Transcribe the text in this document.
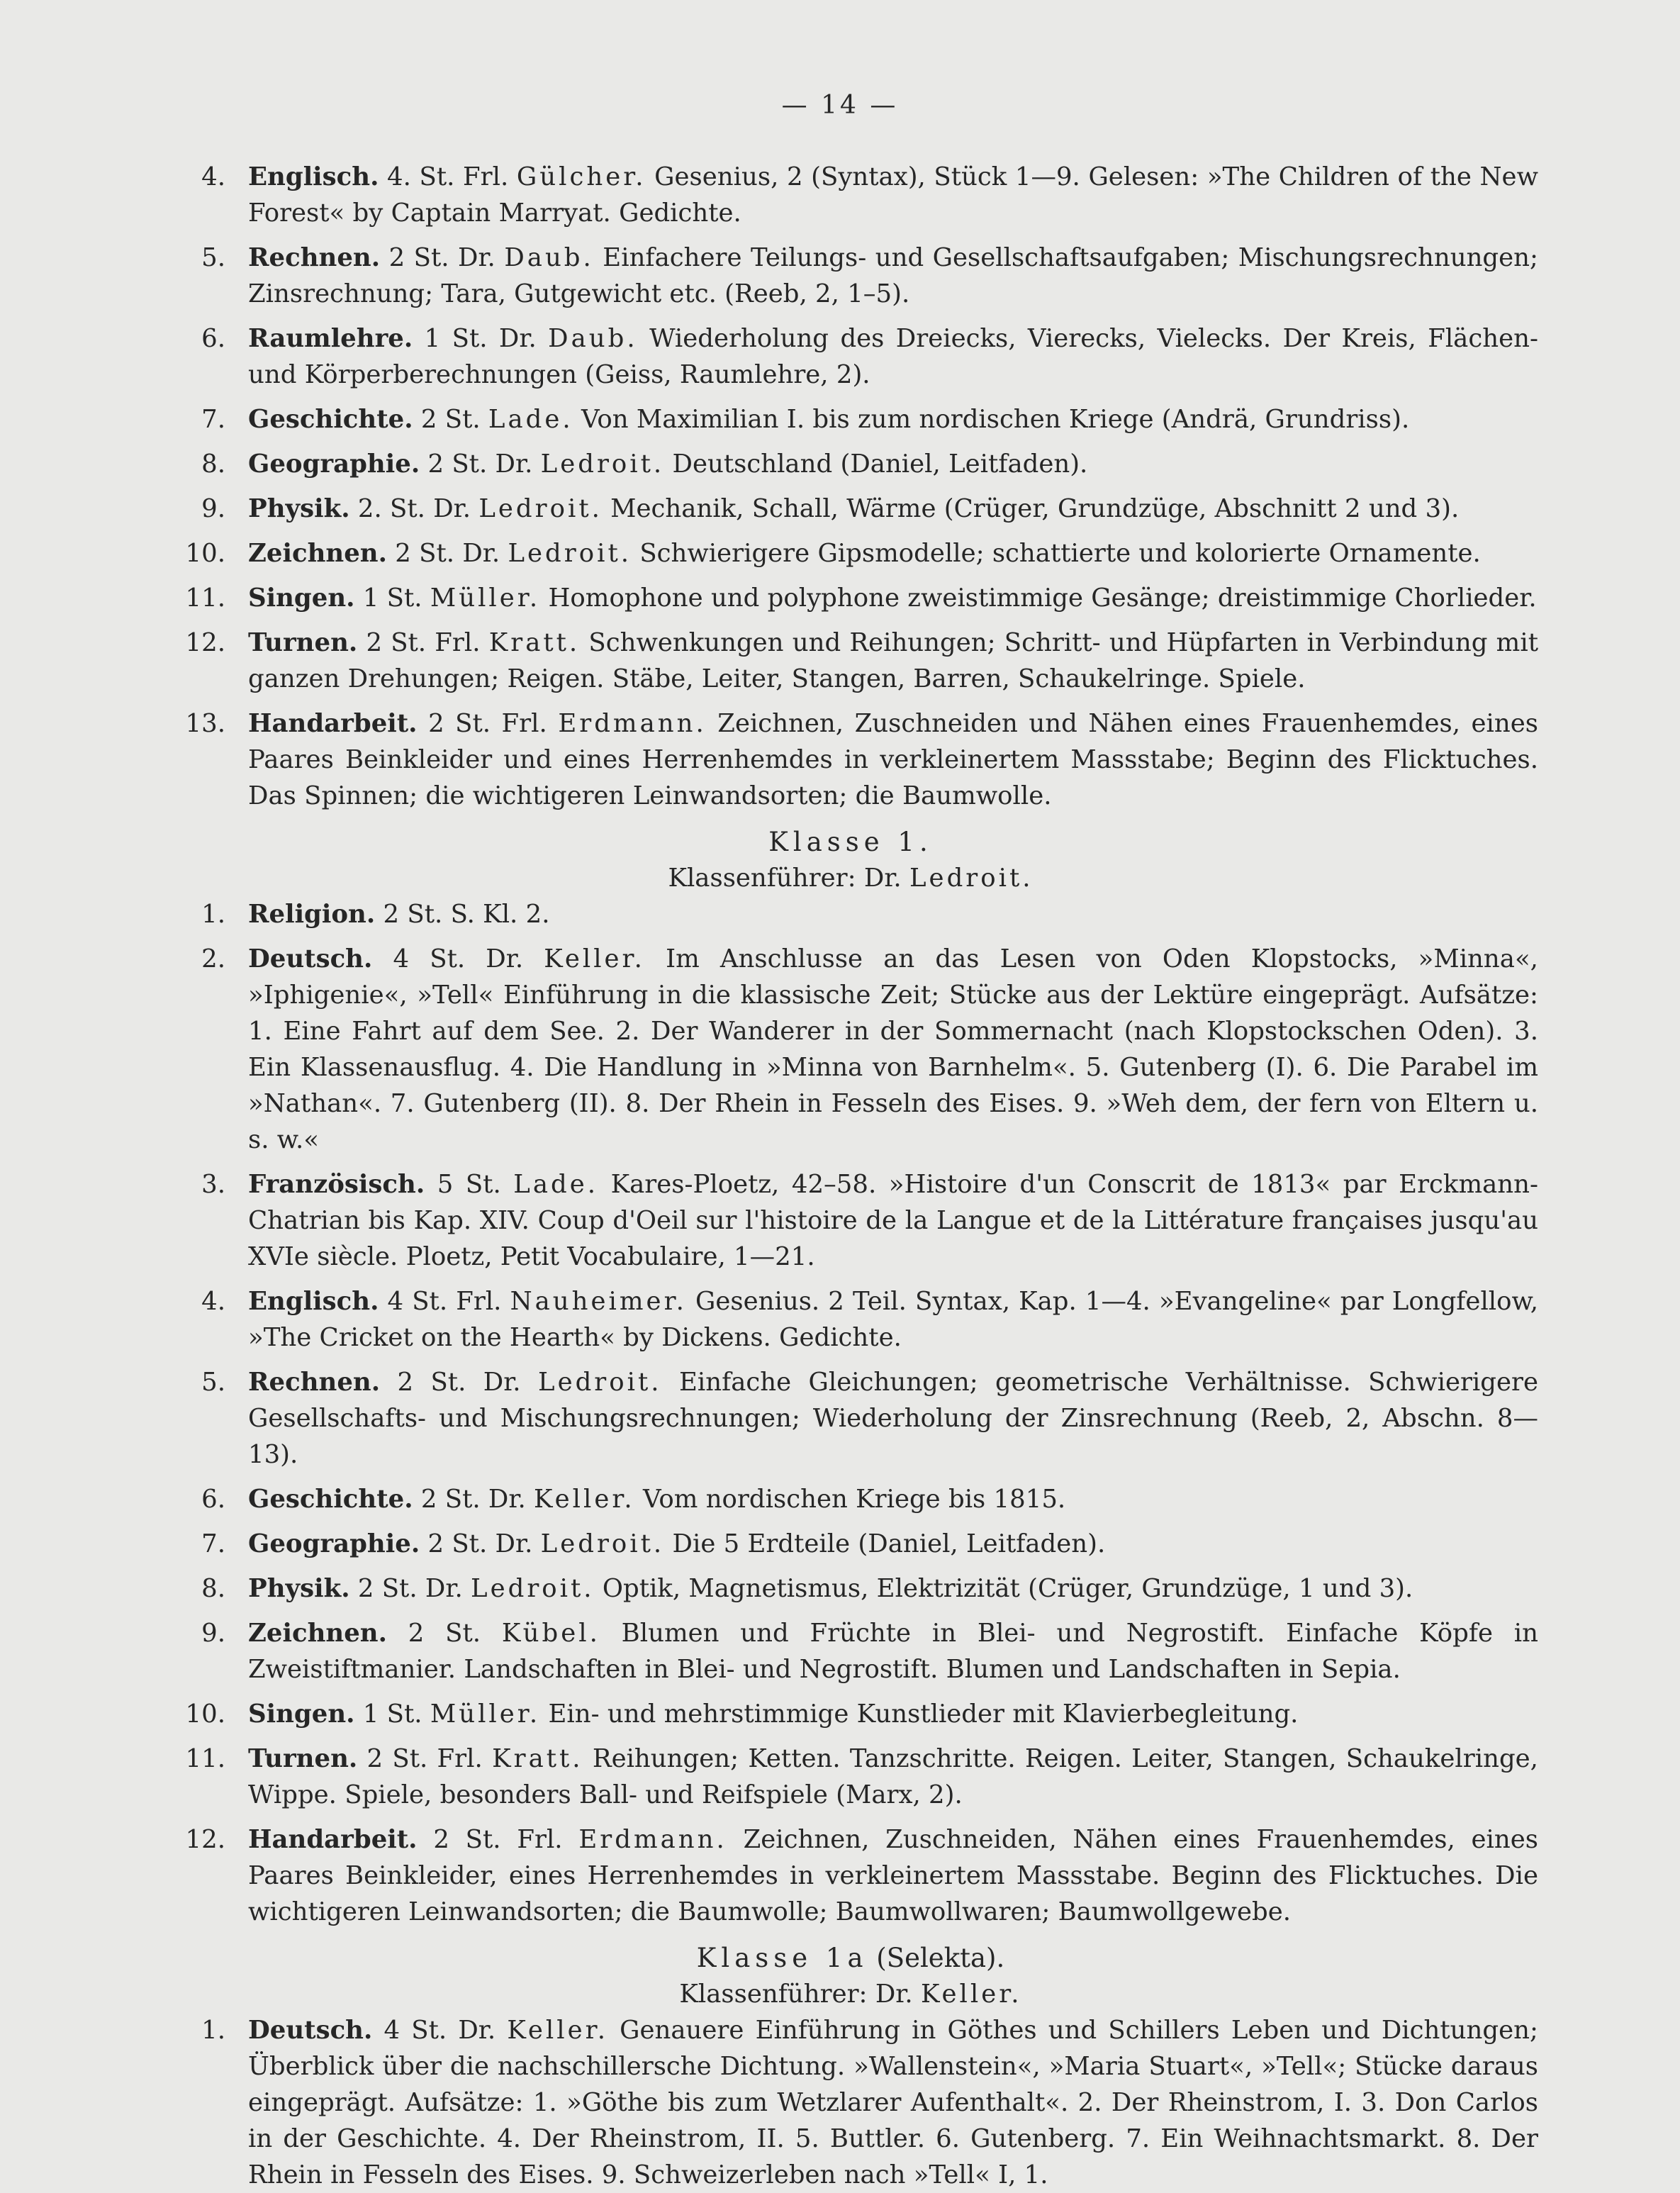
— 14 —

4. Englisch. 4. St. Frl. Gülcher. Gesenius, 2 (Syntax), Stück 1—9. Gelesen: »The Children of the New Forest« by Captain Marryat. Gedichte.

5. Rechnen. 2 St. Dr. Daub. Einfachere Teilungs- und Gesellschaftsaufgaben; Mischungsrechnungen; Zinsrechnung; Tara, Gutgewicht etc. (Reeb, 2, 1–5).

6. Raumlehre. 1 St. Dr. Daub. Wiederholung des Dreiecks, Vierecks, Vielecks. Der Kreis, Flächen- und Körperberechnungen (Geiss, Raumlehre, 2).

7. Geschichte. 2 St. Lade. Von Maximilian I. bis zum nordischen Kriege (Andrä, Grundriss).

8. Geographie. 2 St. Dr. Ledroit. Deutschland (Daniel, Leitfaden).

9. Physik. 2. St. Dr. Ledroit. Mechanik, Schall, Wärme (Crüger, Grundzüge, Abschnitt 2 und 3).

10. Zeichnen. 2 St. Dr. Ledroit. Schwierigere Gipsmodelle; schattierte und kolorierte Ornamente.

11. Singen. 1 St. Müller. Homophone und polyphone zweistimmige Gesänge; dreistimmige Chorlieder.

12. Turnen. 2 St. Frl. Kratt. Schwenkungen und Reihungen; Schritt- und Hüpfarten in Verbindung mit ganzen Drehungen; Reigen. Stäbe, Leiter, Stangen, Barren, Schaukelringe. Spiele.

13. Handarbeit. 2 St. Frl. Erdmann. Zeichnen, Zuschneiden und Nähen eines Frauenhemdes, eines Paares Beinkleider und eines Herrenhemdes in verkleinertem Massstabe; Beginn des Flicktuches. Das Spinnen; die wichtigeren Leinwandsorten; die Baumwolle.

Klasse 1.

Klassenführer: Dr. Ledroit.

1. Religion. 2 St. S. Kl. 2.

2. Deutsch. 4 St. Dr. Keller. Im Anschlusse an das Lesen von Oden Klopstocks, »Minna«, »Iphigenie«, »Tell« Einführung in die klassische Zeit; Stücke aus der Lektüre eingeprägt. Aufsätze: 1. Eine Fahrt auf dem See. 2. Der Wanderer in der Sommernacht (nach Klopstockschen Oden). 3. Ein Klassenausflug. 4. Die Handlung in »Minna von Barnhelm«. 5. Gutenberg (I). 6. Die Parabel im »Nathan«. 7. Gutenberg (II). 8. Der Rhein in Fesseln des Eises. 9. »Weh dem, der fern von Eltern u. s. w.«

3. Französisch. 5 St. Lade. Kares-Ploetz, 42–58. »Histoire d'un Conscrit de 1813« par Erckmann-Chatrian bis Kap. XIV. Coup d'Oeil sur l'histoire de la Langue et de la Littérature françaises jusqu'au XVIe siècle. Ploetz, Petit Vocabulaire, 1—21.

4. Englisch. 4 St. Frl. Nauheimer. Gesenius. 2 Teil. Syntax, Kap. 1—4. »Evangeline« par Longfellow, »The Cricket on the Hearth« by Dickens. Gedichte.

5. Rechnen. 2 St. Dr. Ledroit. Einfache Gleichungen; geometrische Verhältnisse. Schwierigere Gesellschafts- und Mischungsrechnungen; Wiederholung der Zinsrechnung (Reeb, 2, Abschn. 8—13).

6. Geschichte. 2 St. Dr. Keller. Vom nordischen Kriege bis 1815.

7. Geographie. 2 St. Dr. Ledroit. Die 5 Erdteile (Daniel, Leitfaden).

8. Physik. 2 St. Dr. Ledroit. Optik, Magnetismus, Elektrizität (Crüger, Grundzüge, 1 und 3).

9. Zeichnen. 2 St. Kübel. Blumen und Früchte in Blei- und Negrostift. Einfache Köpfe in Zweistiftmanier. Landschaften in Blei- und Negrostift. Blumen und Landschaften in Sepia.

10. Singen. 1 St. Müller. Ein- und mehrstimmige Kunstlieder mit Klavierbegleitung.

11. Turnen. 2 St. Frl. Kratt. Reihungen; Ketten. Tanzschritte. Reigen. Leiter, Stangen, Schaukelringe, Wippe. Spiele, besonders Ball- und Reifspiele (Marx, 2).

12. Handarbeit. 2 St. Frl. Erdmann. Zeichnen, Zuschneiden, Nähen eines Frauenhemdes, eines Paares Beinkleider, eines Herrenhemdes in verkleinertem Massstabe. Beginn des Flicktuches. Die wichtigeren Leinwandsorten; die Baumwolle; Baumwollwaren; Baumwollgewebe.

Klasse 1a (Selekta).

Klassenführer: Dr. Keller.

1. Deutsch. 4 St. Dr. Keller. Genauere Einführung in Göthes und Schillers Leben und Dichtungen; Überblick über die nachschillersche Dichtung. »Wallenstein«, »Maria Stuart«, »Tell«; Stücke daraus eingeprägt. Aufsätze: 1. »Göthe bis zum Wetzlarer Aufenthalt«. 2. Der Rheinstrom, I. 3. Don Carlos in der Geschichte. 4. Der Rheinstrom, II. 5. Buttler. 6. Gutenberg. 7. Ein Weihnachtsmarkt. 8. Der Rhein in Fesseln des Eises. 9. Schweizerleben nach »Tell« I, 1.
